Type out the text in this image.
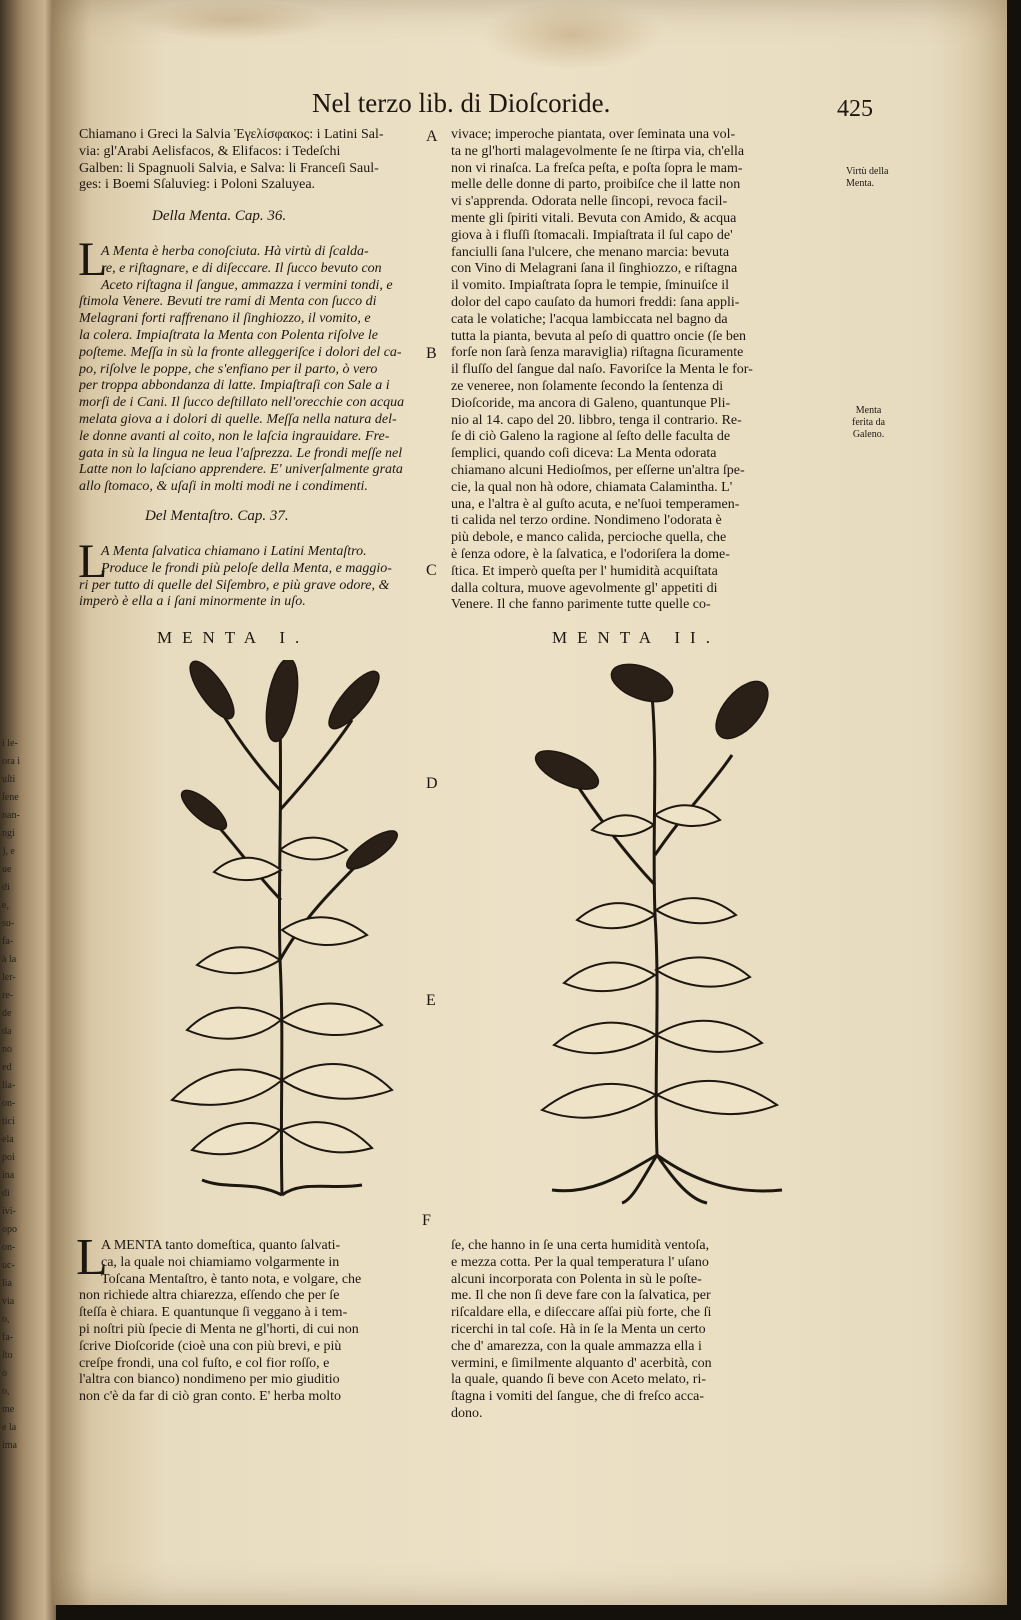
i le-
ora i
uſti
ſene
nan-
ngi
), e
ue
di
e,
su-
fa-
à la
ler-
re-
de
da
no
ed
lia-
on-
tici
ela
poi
ina
dì
ivi-
opo
on-
uc-
lia
via
o,
fa-
ſto
o
o,
me
e la
ima
Nel terzo lib. di Dioſcoride.	425
Chiamano i Greci la Salvia Ἐγελίσφακος: i Latini Sal-
via: gl'Arabi Aelisfacos, & Elifacos: i Tedeſchi
Galben: li Spagnuoli Salvia, e Salva: li Franceſi Saul-
ges: i Boemi Sſaluvieg: i Poloni Szaluyea.
Della Menta. Cap. 36.
L
A Menta è herba conoſciuta. Hà virtù di ſcalda-
re, e riſtagnare, e di diſeccare. Il ſucco bevuto con
Aceto riſtagna il ſangue, ammazza i vermini tondi, e
ſtimola Venere. Bevuti tre rami di Menta con ſucco di
Melagrani forti raffrenano il ſinghiozzo, il vomito, e
la colera. Impiaſtrata la Menta con Polenta riſolve le
poſteme. Meſſa in sù la fronte alleggeriſce i dolori del ca-
po, riſolve le poppe, che s'enfiano per il parto, ò vero
per troppa abbondanza di latte. Impiaſtraſi con Sale a i
morſi de i Cani. Il ſucco deſtillato nell'orecchie con acqua
melata giova a i dolori di quelle. Meſſa nella natura del-
le donne avanti al coito, non le laſcia ingrauidare. Fre-
gata in sù la lingua ne leua l'aſprezza. Le frondi meſſe nel
Latte non lo laſciano apprendere. E' univerſalmente grata
allo ſtomaco, & uſaſi in molti modi ne i condimenti.
Del Mentaſtro. Cap. 37.
L
A Menta ſalvatica chiamano i Latini Mentaſtro.
Produce le frondi più peloſe della Menta, e maggio-
ri per tutto di quelle del Siſembro, e più grave odore, &
imperò è ella a i ſani minormente in uſo.
A
B
C
D
E
F
vivace; imperoche piantata, over ſeminata una vol-
ta ne gl'horti malagevolmente ſe ne ſtirpa via, ch'ella
non vi rinaſca. La freſca peſta, e poſta ſopra le mam-
melle delle donne di parto, proibiſce che il latte non
vi s'apprenda. Odorata nelle ſincopi, revoca facil-
mente gli ſpiriti vitali. Bevuta con Amido, & acqua
giova à i fluſſi ſtomacali. Impiaſtrata il ſul capo de'
fanciulli ſana l'ulcere, che menano marcia: bevuta
con Vino di Melagrani ſana il ſinghiozzo, e riſtagna
il vomito. Impiaſtrata ſopra le tempie, ſminuiſce il
dolor del capo cauſato da humori freddi: ſana appli-
cata le volatiche; l'acqua lambiccata nel bagno da
tutta la pianta, bevuta al peſo di quattro oncie (ſe ben
forſe non ſarà ſenza maraviglia) riſtagna ſicuramente
il fluſſo del ſangue dal naſo. Favoriſce la Menta le for-
ze veneree, non ſolamente ſecondo la ſentenza di
Dioſcoride, ma ancora di Galeno, quantunque Pli-
nio al 14. capo del 20. libbro, tenga il contrario. Re-
ſe di ciò Galeno la ragione al ſeſto delle faculta de
ſemplici, quando coſi diceva: La Menta odorata
chiamano alcuni Hedioſmos, per eſſerne un'altra ſpe-
cie, la qual non hà odore, chiamata Calamintha. L'
una, e l'altra è al guſto acuta, e ne'ſuoi temperamen-
ti calida nel terzo ordine. Nondimeno l'odorata è
più debole, e manco calida, percioche quella, che
è ſenza odore, è la ſalvatica, e l'odoriſera la dome-
ſtica. Et imperò queſta per l' humidità acquiſtata
dalla coltura, muove agevolmente gl' appetiti di
Venere. Il che fanno parimente tutte quelle co-
Virtù della
Menta.
Menta
ferita da
Galeno.
MENTA I.	MENTA II.
L
A MENTA tanto domeſtica, quanto ſalvati-
ca, la quale noi chiamiamo volgarmente in
Toſcana Mentaſtro, è tanto nota, e volgare, che
non richiede altra chiarezza, eſſendo che per ſe
ſteſſa è chiara. E quantunque ſi veggano à i tem-
pi noſtri più ſpecie di Menta ne gl'horti, di cui non
ſcrive Dioſcoride (cioè una con più brevi, e più
creſpe frondi, una col fuſto, e col fior roſſo, e
l'altra con bianco) nondimeno per mio giuditio
non c'è da far di ciò gran conto. E' herba molto
ſe, che hanno in ſe una certa humidità ventoſa,
e mezza cotta. Per la qual temperatura l' uſano
alcuni incorporata con Polenta in sù le poſte-
me. Il che non ſi deve fare con la ſalvatica, per
riſcaldare ella, e diſeccare aſſai più forte, che ſi
ricerchi in tal coſe. Hà in ſe la Menta un certo
che d' amarezza, con la quale ammazza ella i
vermini, e ſimilmente alquanto d' acerbità, con
la quale, quando ſi beve con Aceto melato, ri-
ſtagna i vomiti del ſangue, che di freſco acca-
dono.
